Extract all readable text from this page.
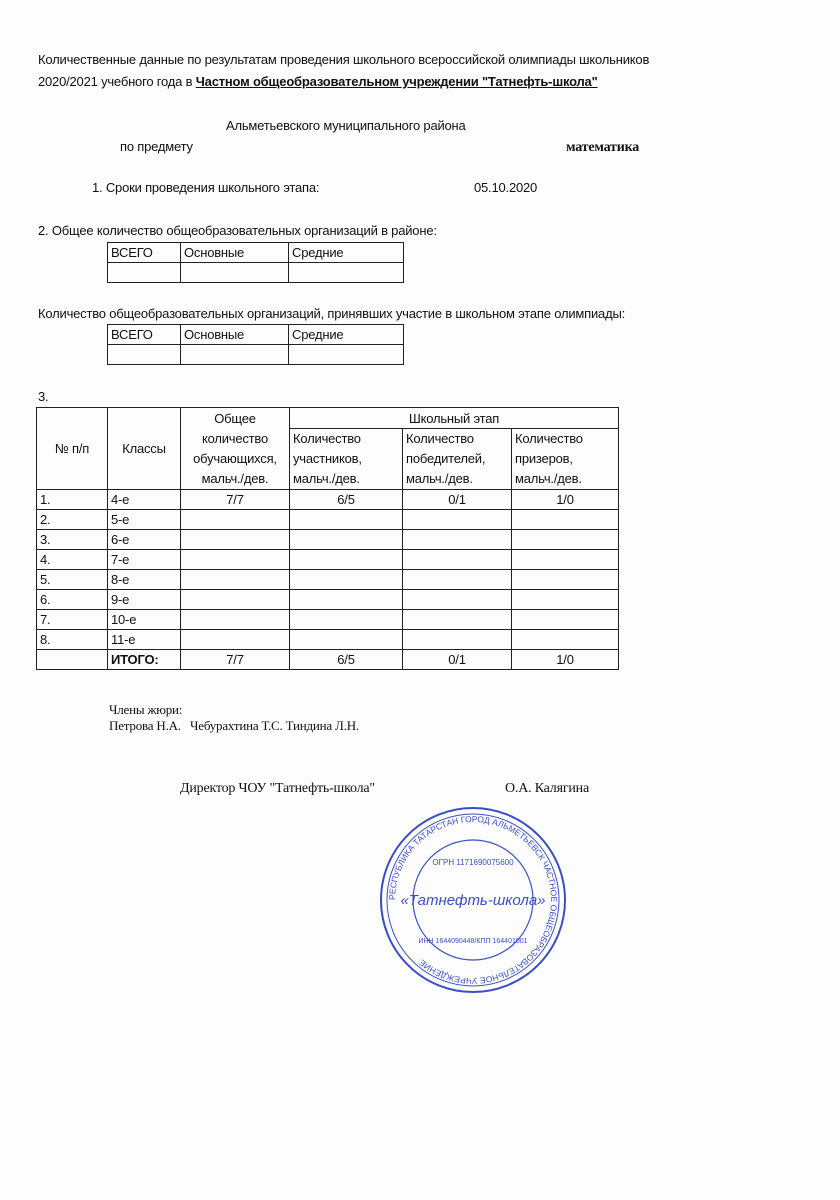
Количественные данные по результатам проведения школьного всероссийской олимпиады школьников
2020/2021 учебного года в Частном общеобразовательном учреждении "Татнефть-школа"
Альметьевского муниципального района
по предмету	математика
1. Сроки проведения школьного этапа:	05.10.2020
2. Общее количество общеобразовательных организаций в районе:
ВСЕГО	Основные	Средние

Количество общеобразовательных организаций, принявших участие в школьном этапе олимпиады:
ВСЕГО	Основные	Средние

3.
№ п/п	Классы	Общее количество обучающихся, мальч./дев.	Школьный этап		
			Количество участников, мальч./дев.	Количество победителей, мальч./дев.	Количество призеров, мальч./дев.
1.	4-е	7/7	6/5	0/1	1/0
2.	5-е				
3.	6-е				
4.	7-е				
5.	8-е				
6.	9-е				
7.	10-е				
8.	11-е				
	ИТОГО:	7/7	6/5	0/1	1/0
Члены жюри:
Петрова Н.А.   Чебурахтина Т.С. Тиндина Л.Н.
Директор ЧОУ "Татнефть-школа"	О.А. Калягина
РЕСПУБЛИКА ТАТАРСТАН ГОРОД АЛЬМЕТЬЕВСК ЧАСТНОЕ ОБЩЕОБРАЗОВАТЕЛЬНОЕ УЧРЕЖДЕНИЕ
ОГРН 1171690075600
«Татнефть-школа»
ИНН 1644090448/КПП 164401001
